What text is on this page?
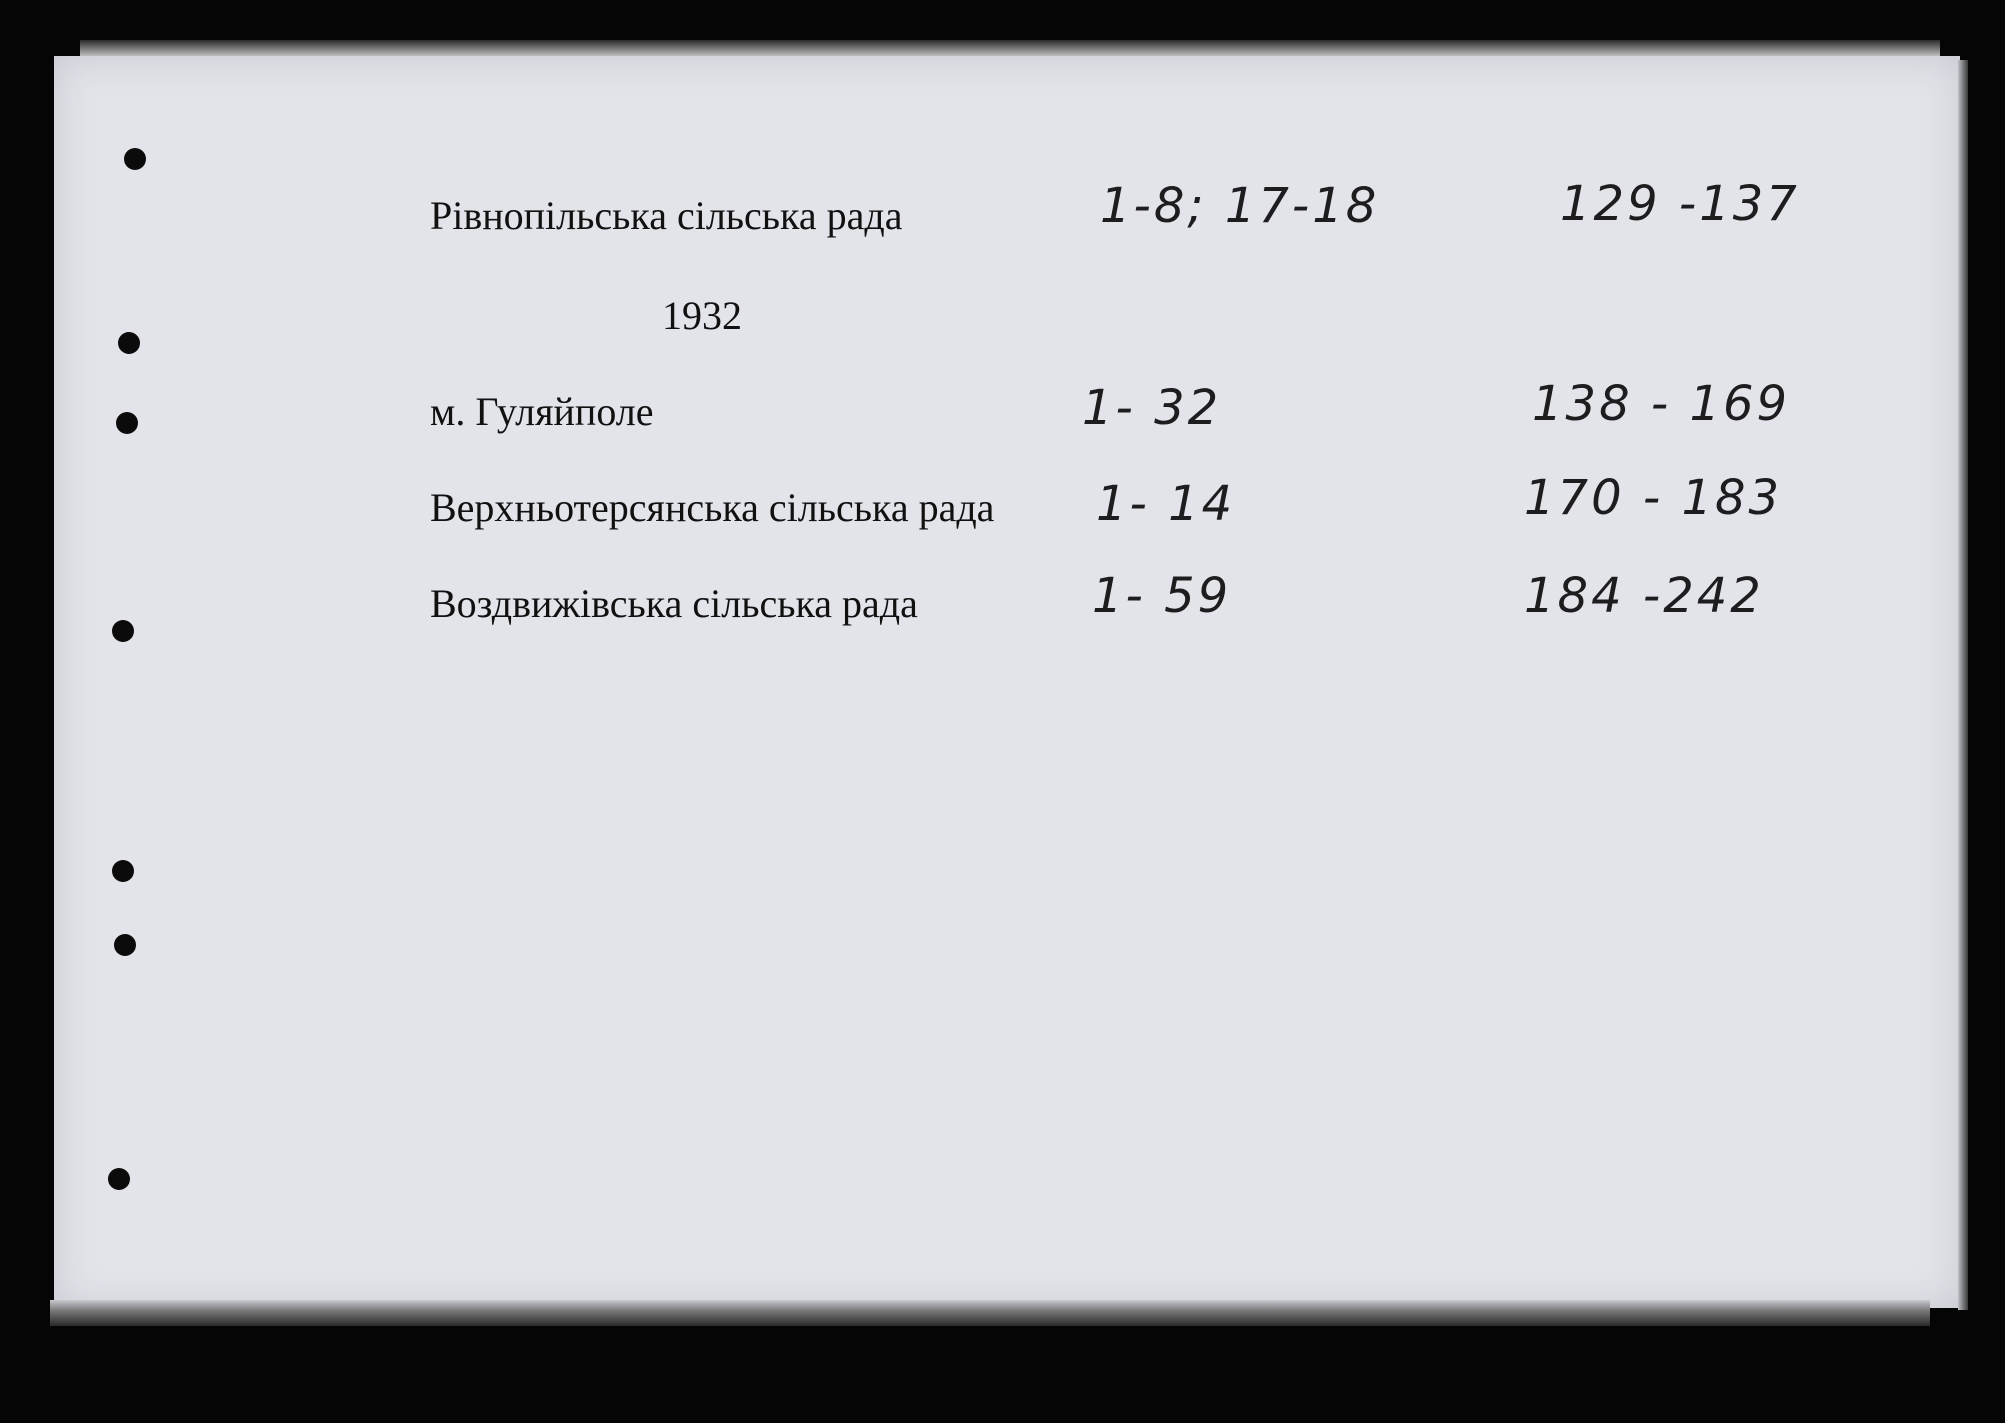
Рівнопільська сільська рада	1-8; 17-18	129 -137
1932
м. Гуляйполе	1- 32	138 - 169
Верхньотерсянська сільська рада 1- 14	170 - 183
Воздвижівська сільська рада	1- 59	184 -242
